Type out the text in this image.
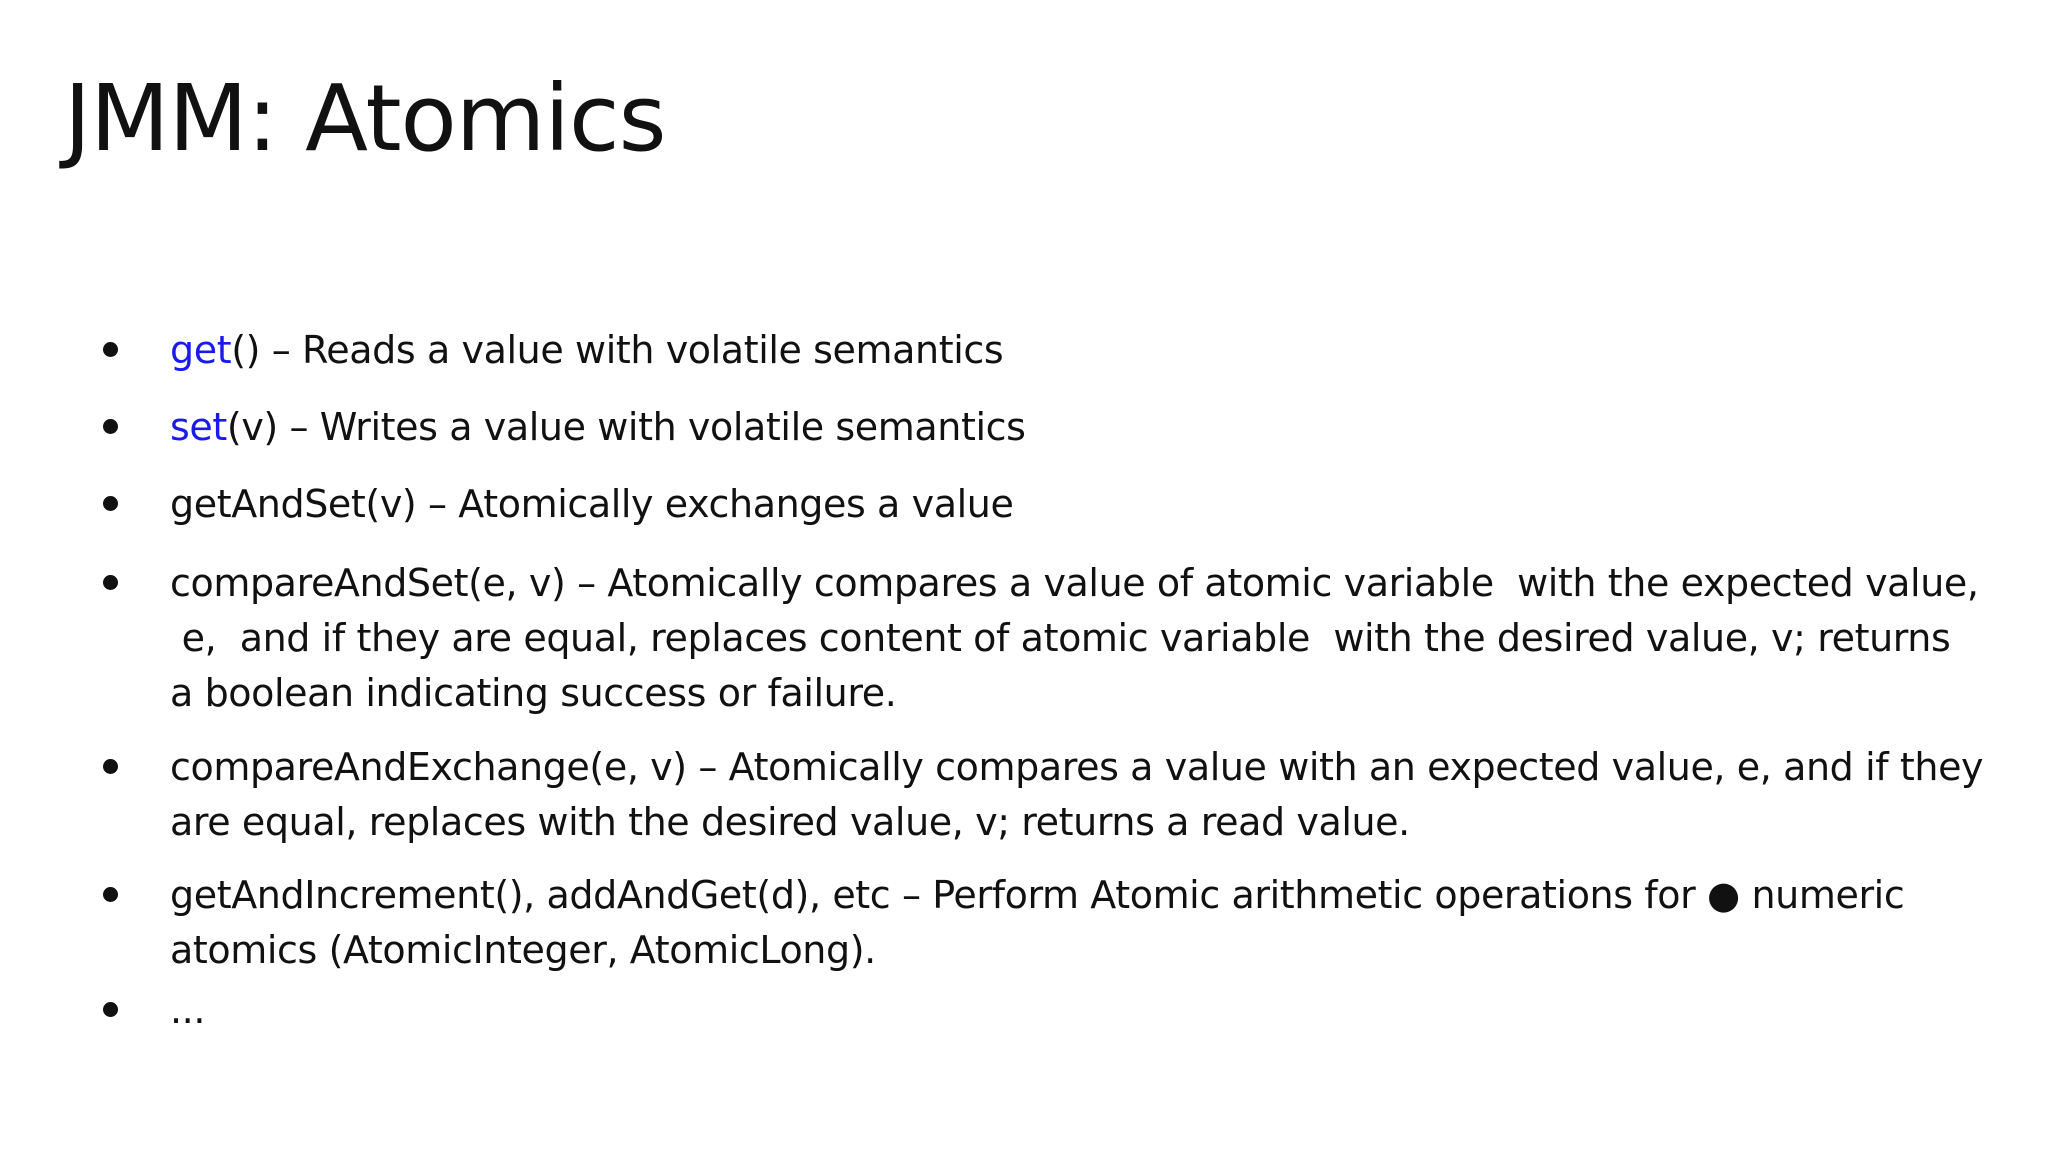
JMM: Atomics
get() – Reads a value with volatile semantics
set(v) – Writes a value with volatile semantics
getAndSet(v) – Atomically exchanges a value
compareAndSet(e, v) – Atomically compares a value of atomic variable  with the expected value,
e,  and if they are equal, replaces content of atomic variable  with the desired value, v; returns
a boolean indicating success or failure.
compareAndExchange(e, v) – Atomically compares a value with an expected value, e, and if they
are equal, replaces with the desired value, v; returns a read value.
getAndIncrement(), addAndGet(d), etc – Perform Atomic arithmetic operations for ● numeric
atomics (AtomicInteger, AtomicLong).
...
